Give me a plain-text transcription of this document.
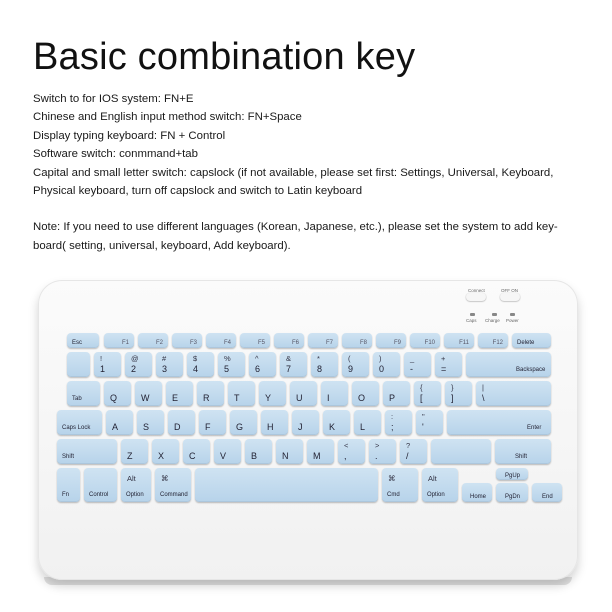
Basic combination key
Switch to for IOS system: FN+E
Chinese and English input method switch: FN+Space
Display typing keyboard: FN + Control
Software switch: conmmand+tab
Capital and small letter switch: capslock (if not available, please set first: Settings, Universal, Keyboard,
Physical keyboard, turn off capslock and switch to Latin keyboard
Note: If you need to use different languages (Korean, Japanese, etc.), please set the system to add key-
board( setting, universal, keyboard, Add keyboard).
Connect	OFF ON
Caps Charge Power
Esc	F1	F2	F3	F4	F5	F6	F7	F8	F9	F10	F11	F12 Delete
!
1
@
2
#
3
$
4
%
5
^
6
&
7
*
8
(
9
)
0
_
-
+
=	Backspace
Tab	Q	W	E	R	T	Y	U	I	O	P
{
[
}
]
|
\
Caps Lock A	S	D	F	G	H	J	K	L
:
;
"
'	Enter
Shift	Z	X	C	V	B	N	M
<
,
>
.
?
/	Shift
Fn	Control
Alt
Option
⌘
Command
⌘
Cmd
Alt
Option	Home
PgUp
PgDn	End
